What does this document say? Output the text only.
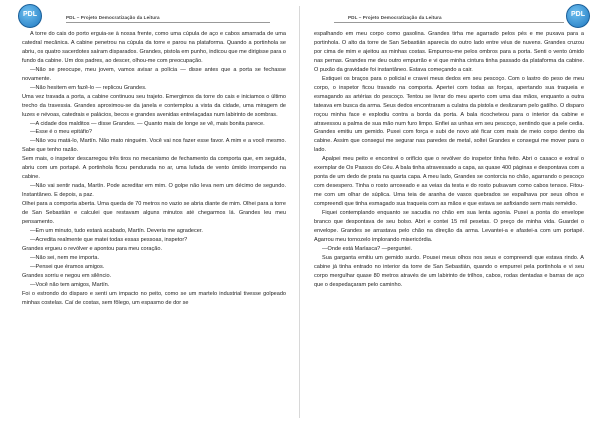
PDL	PDL – Projeto Democratização da Leitura

A torre do cais do porto erguia-se à nossa frente, como uma cúpula de aço e cabos amarrada de uma catedral mecânica. A cabine penetrou na cúpula da torre e parou na plataforma. Quando a portinhola se abriu, os quatro sacerdotes saíram disparados. Grandes, pistola em punho, indicou que me dirigisse para o fundo da cabine. Um dos padres, ao descer, olhou-me com preocupação.

—Não se preocupe, meu jovem, vamos avisar a polícia — disse antes que a porta se fechasse novamente.

—Não hesitem em fazê-lo — replicou Grandes.

Uma vez travada a porta, a cabine continuou seu trajeto. Emergimos da torre do cais e iniciamos o último trecho da travessia. Grandes aproximou-se da janela e contemplou a vista da cidade, uma miragem de luzes e névoas, catedrais e palácios, becos e grandes avenidas entrelaçadas num labirinto de sombras.

—A cidade dos malditos — disse Grandes. — Quanto mais de longe se vê, mais bonita parece.

—Esse é o meu epitáfio?

—Não vou matá-lo, Martín. Não mato ninguém. Você vai nos fazer esse favor. A mim e a você mesmo. Sabe que tenho razão.

Sem mais, o inspetor descarregou três tiros no mecanismo de fechamento da comporta que, em seguida, abriu com um portapé. A portinhola ficou pendurada no ar, uma lufada de vento úmido irrompendo na cabine.

—Não vai sentir nada, Martín. Pode acreditar em mim. O golpe não leva nem um décimo de segundo. Instantâneo. E depois, a paz.

Olhei para a comporta aberta. Uma queda de 70 metros no vazio se abria diante de mim. Olhei para a torre de San Sebastián e calculei que restavam alguns minutos até chegarmos lá. Grandes leu meu pensamento.

—Em um minuto, tudo estará acabado, Martín. Deveria me agradecer.

—Acredita realmente que matei todas essas pessoas, inspetor?

Grandes ergueu o revólver e apontou para meu coração.

—Não sei, nem me importa.

—Pensei que éramos amigos.

Grandes sorriu e negou em silêncio.

—Você não tem amigos, Martín.

Foi o estrondo do disparo e senti um impacto no peito, como se um martelo industrial tivesse golpeado minhas costelas. Caí de costas, sem fôlego, um espasmo de dor se

PDL
PDL – Projeto Democratização da Leitura

espalhando em meu corpo como gasolina. Grandes tirha me agarrado pelos pés e me puxava para a portinhola. O alto da torre de San Sebastián aparecia do outro lado entre véus de nuvens. Grandes cruzou por cima de mim e ajeitou as minhas costas. Empurrou-me pelos ombros para a porta. Senti o vento úmido nas pernas. Grandes me deu outro empurrão e vi que minha cintura tinha passado da plataforma da cabine. O puxão da gravidade foi instantâneo. Estava começando a cair.

Estiquei os braços para o policial e cravei meus dedos em seu pescoço. Com o lastro do peso de meu corpo, o inspetor ficou travado na comporta. Apertei com todas as forças, apertando sua traqueia e esmagando as artérias do pescoço. Tentou se livrar do meu aperto com uma das mãos, enquanto a outra tateava em busca da arma. Seus dedos encontraram a culatra da pistola e deslizaram pelo gatilho. O disparo roçou minha face e explodiu contra a borda da porta. A bala ricocheteou para o interior da cabine e atravessou a palma de sua mão num furo limpo. Enfiei as unhas em seu pescoço, sentindo que a pele cedia. Grandes emitiu um gemido. Puxei com força e subi de novo até ficar com mais de meio corpo dentro da cabine. Assim que consegui me segurar nas paredes de metal, soltei Grandes e consegui me mover para o lado.

Apalpei meu peito e encontrei o orifício que o revólver do inspetor tinha feito. Abri o casaco e extraí o exemplar de Os Passos do Céu. A bala tinha atravessado a capa, as quase 400 páginas e despontava com a ponta de um dedo de prata na quarta capa. A meu lado, Grandes se contorcia no chão, agarrando o pescoço com desespero. Tinha o rosto arroxeado e as veias da testa e do rosto pulsavam como cabos tensos. Fitou-me com um olhar de súplica. Uma teia de aranha de vasos quebrados se espalhava por seus olhos e compreendi que tinha esmagado sua traqueia com as mãos e que estava se asfixiando sem mais remédio.

Fiquei contemplando enquanto se sacudia no chão em sua lenta agonia. Puxei a ponta do envelope branco que despontava de seu bolso. Abri e contei 15 mil pesetas. O preço de minha vida. Guardei o envelope. Grandes se arrastava pelo chão na direção da arma. Levantei-a e afastei-a com um portapé. Agarrou meu tornozelo implorando misericórdia.

—Onde está Marlasca? —perguntei.

Sua garganta emitiu um gemido surdo. Pousei meus olhos nos seus e compreendi que estava rindo. A cabine já tinha entrado no interior da torre de San Sebastián, quando o empurrei pela portinhola e vi seu corpo mergulhar quase 80 metros através de um labirinto de trilhos, cabos, rodas dentadas e barras de aço que o despedaçaram pelo caminho.
